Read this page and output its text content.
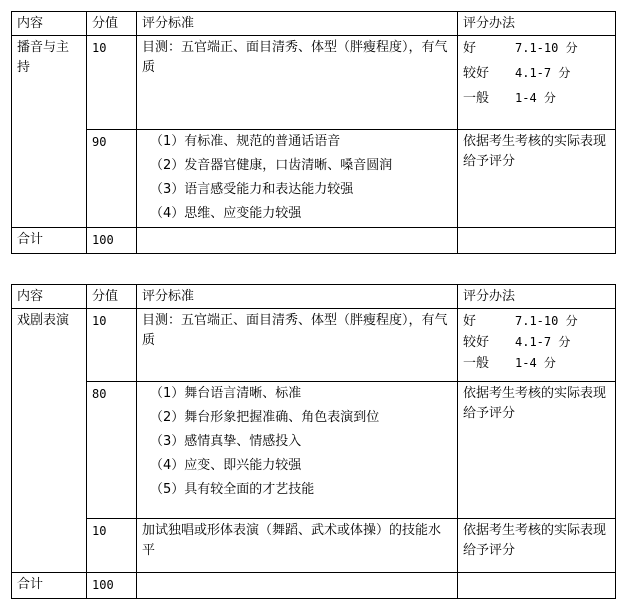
内容	分值	评分标准	评分办法

播音与主持	10	目测：五官端正、面目清秀、体型（胖瘦程度），有气质	好 7.1-10 分
较好 4.1-7 分
一般 1-4 分

	90	（1）有标准、规范的普通话语音
（2）发音器官健康，口齿清晰、嗓音圆润
（3）语言感受能力和表达能力较强
（4）思维、应变能力较强	依据考生考核的实际表现给予评分

合计	100		
内容	分值	评分标准	评分办法

戏剧表演	10	目测：五官端正、面目清秀、体型（胖瘦程度），有气质	好 7.1-10 分
较好 4.1-7 分
一般 1-4 分

	80	（1）舞台语言清晰、标准
（2）舞台形象把握准确、角色表演到位
（3）感情真挚、情感投入
（4）应变、即兴能力较强
（5）具有较全面的才艺技能	依据考生考核的实际表现给予评分

	10	加试独唱或形体表演（舞蹈、武术或体操）的技能水平	依据考生考核的实际表现给予评分

合计	100		
